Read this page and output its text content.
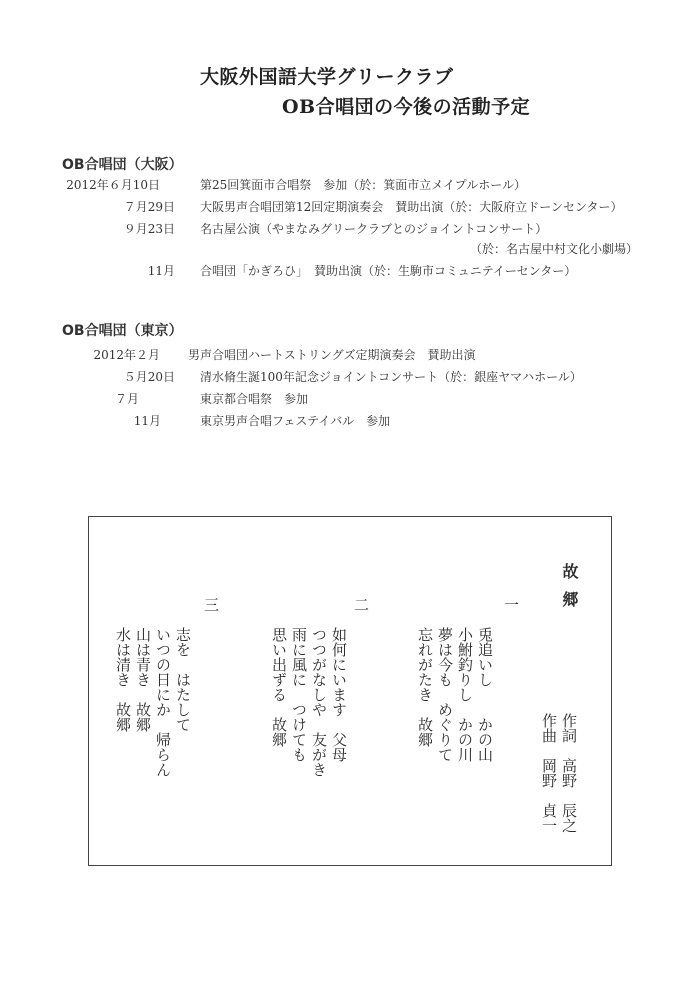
大阪外国語大学グリークラブ
OB合唱団の今後の活動予定
OB合唱団（大阪）
2012年６月10日	第25回箕面市合唱祭　参加（於：箕面市立メイプルホール）
７月29日 大阪男声合唱団第12回定期演奏会　賛助出演（於：大阪府立ドーンセンター）
９月23日 名古屋公演（やまなみグリークラブとのジョイントコンサート）
（於：名古屋中村文化小劇場）
11月 合唱団「かぎろひ」　賛助出演（於：生駒市コミュニテイーセンター）
OB合唱団（東京）
2012年２月 男声合唱団ハートストリングズ定期演奏会　賛助出演
５月20日 清水脩生誕100年記念ジョイントコンサート（於：銀座ヤマハホール）
７月	東京都合唱祭　参加
11月	東京男声合唱フェステイバル　参加
故郷
作詞　高野　辰之
作曲　岡野　貞一
一
兎追いし　　かの山
小鮒釣りし　かの川
夢は今も　めぐりて
忘れがたき　故郷
二
如何にいます　父母
つつがなしや　友がき
雨に風に　つけても
思い出ずる　故郷
三
志を　はたして
いつの日にか　帰らん
山は青き　故郷
水は清き　故郷
